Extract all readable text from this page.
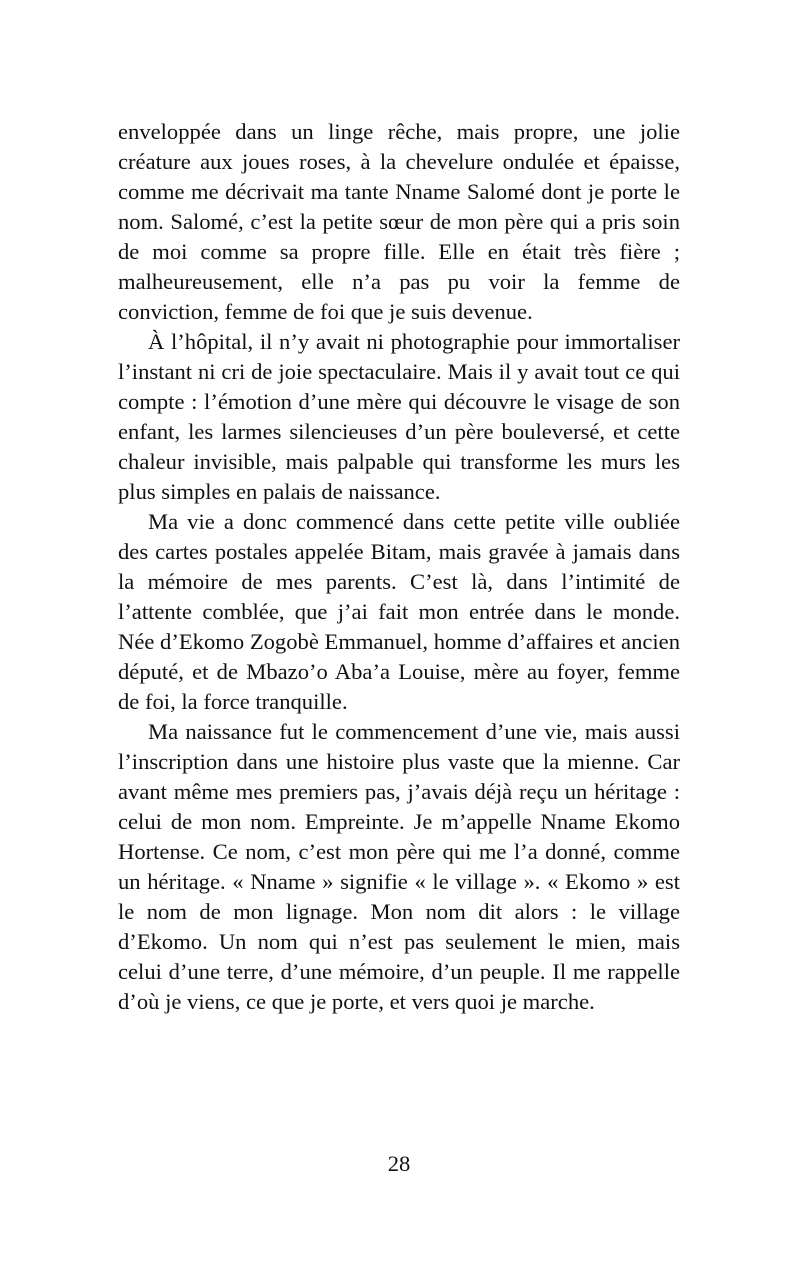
enveloppée dans un linge rêche, mais propre, une jolie créature aux joues roses, à la chevelure ondulée et épaisse, comme me décrivait ma tante Nname Salomé dont je porte le nom. Salomé, c’est la petite sœur de mon père qui a pris soin de moi comme sa propre fille. Elle en était très fière ; malheureusement, elle n’a pas pu voir la femme de conviction, femme de foi que je suis devenue.

À l’hôpital, il n’y avait ni photographie pour immortaliser l’instant ni cri de joie spectaculaire. Mais il y avait tout ce qui compte : l’émotion d’une mère qui découvre le visage de son enfant, les larmes silencieuses d’un père bouleversé, et cette chaleur invisible, mais palpable qui transforme les murs les plus simples en palais de naissance.

Ma vie a donc commencé dans cette petite ville oubliée des cartes postales appelée Bitam, mais gravée à jamais dans la mémoire de mes parents. C’est là, dans l’intimité de l’attente comblée, que j’ai fait mon entrée dans le monde. Née d’Ekomo Zogobè Emmanuel, homme d’affaires et ancien député, et de Mbazo’o Aba’a Louise, mère au foyer, femme de foi, la force tranquille.

Ma naissance fut le commencement d’une vie, mais aussi l’inscription dans une histoire plus vaste que la mienne. Car avant même mes premiers pas, j’avais déjà reçu un héritage : celui de mon nom. Empreinte. Je m’appelle Nname Ekomo Hortense. Ce nom, c’est mon père qui me l’a donné, comme un héritage. « Nname » signifie « le village ». « Ekomo » est le nom de mon lignage. Mon nom dit alors : le village d’Ekomo. Un nom qui n’est pas seulement le mien, mais celui d’une terre, d’une mémoire, d’un peuple. Il me rappelle d’où je viens, ce que je porte, et vers quoi je marche.

28
